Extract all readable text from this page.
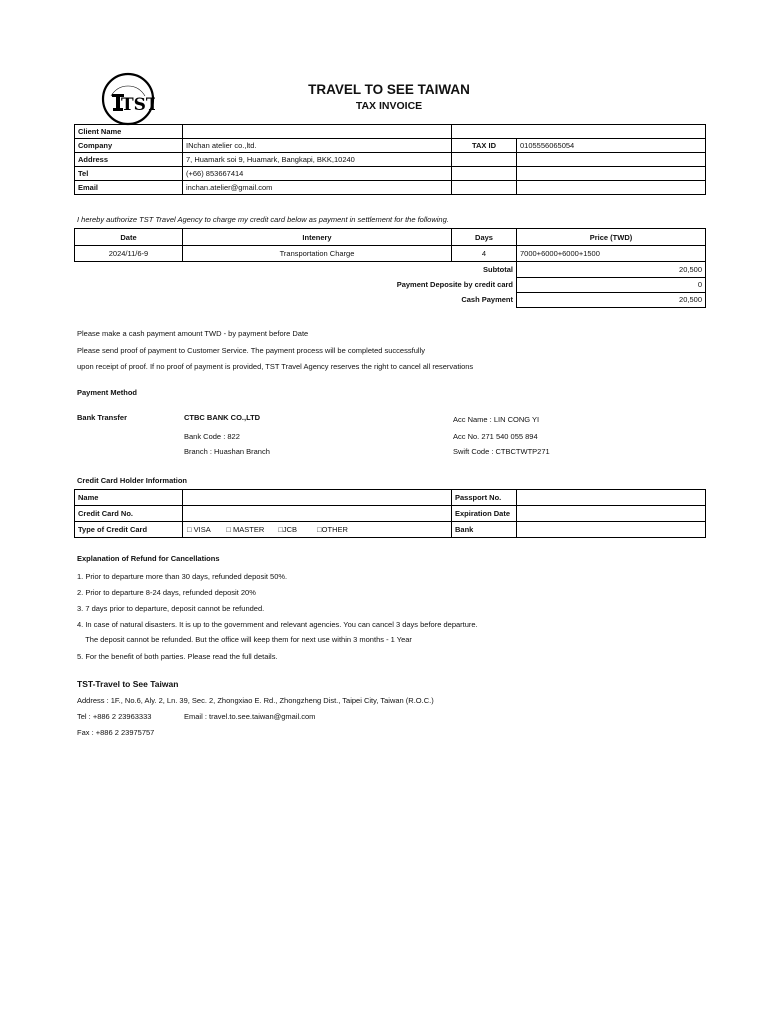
TST
TRAVEL TO SEE TAIWAN
TAX INVOICE
Client Name			
Company	INchan atelier co.,ltd.	TAX ID	0105556065054
Address	7, Huamark soi 9, Huamark, Bangkapi, BKK,10240		
Tel	(+66) 853667414		
Email	inchan.atelier@gmail.com		
I hereby authorize TST Travel Agency to charge my credit card below as payment in settlement for the following.
Date	Intenery	Days	Price (TWD)
2024/11/6-9	Transportation Charge	4	7000+6000+6000+1500
Subtotal			20,500
Payment Deposite by credit card			0
Cash Payment			20,500
Please make a cash payment amount TWD - by payment before Date
Please send proof of payment to Customer Service. The payment process will be completed successfully
upon receipt of proof. If no proof of payment is provided, TST Travel Agency reserves the right to cancel all reservations
Payment Method
Bank Transfer	CTBC BANK CO.,LTD
Bank Code : 822
Branch : Huashan Branch
Acc Name : LIN CONG YI
Acc No. 271 540 055 894
Swift Code : CTBCTWTP271
Credit Card Holder Information
Name		Passport No.	
Credit Card No.		Expiration Date	
Type of Credit Card	□ VISA □ MASTER □JCB □OTHER	Bank	
Explanation of Refund for Cancellations
1. Prior to departure more than 30 days, refunded deposit 50%.
2. Prior to departure 8-24 days, refunded deposit 20%
3. 7 days prior to departure, deposit cannot be refunded.
4. In case of natural disasters. It is up to the government and relevant agencies. You can cancel 3 days before departure.
The deposit cannot be refunded. But the office will keep them for next use within 3 months - 1 Year
5. For the benefit of both parties. Please read the full details.
TST-Travel to See Taiwan
Address : 1F., No.6, Aly. 2, Ln. 39, Sec. 2, Zhongxiao E. Rd., Zhongzheng Dist., Taipei City, Taiwan (R.O.C.)
Tel : +886 2 23963333	Email : travel.to.see.taiwan@gmail.com
Fax : +886 2 23975757
